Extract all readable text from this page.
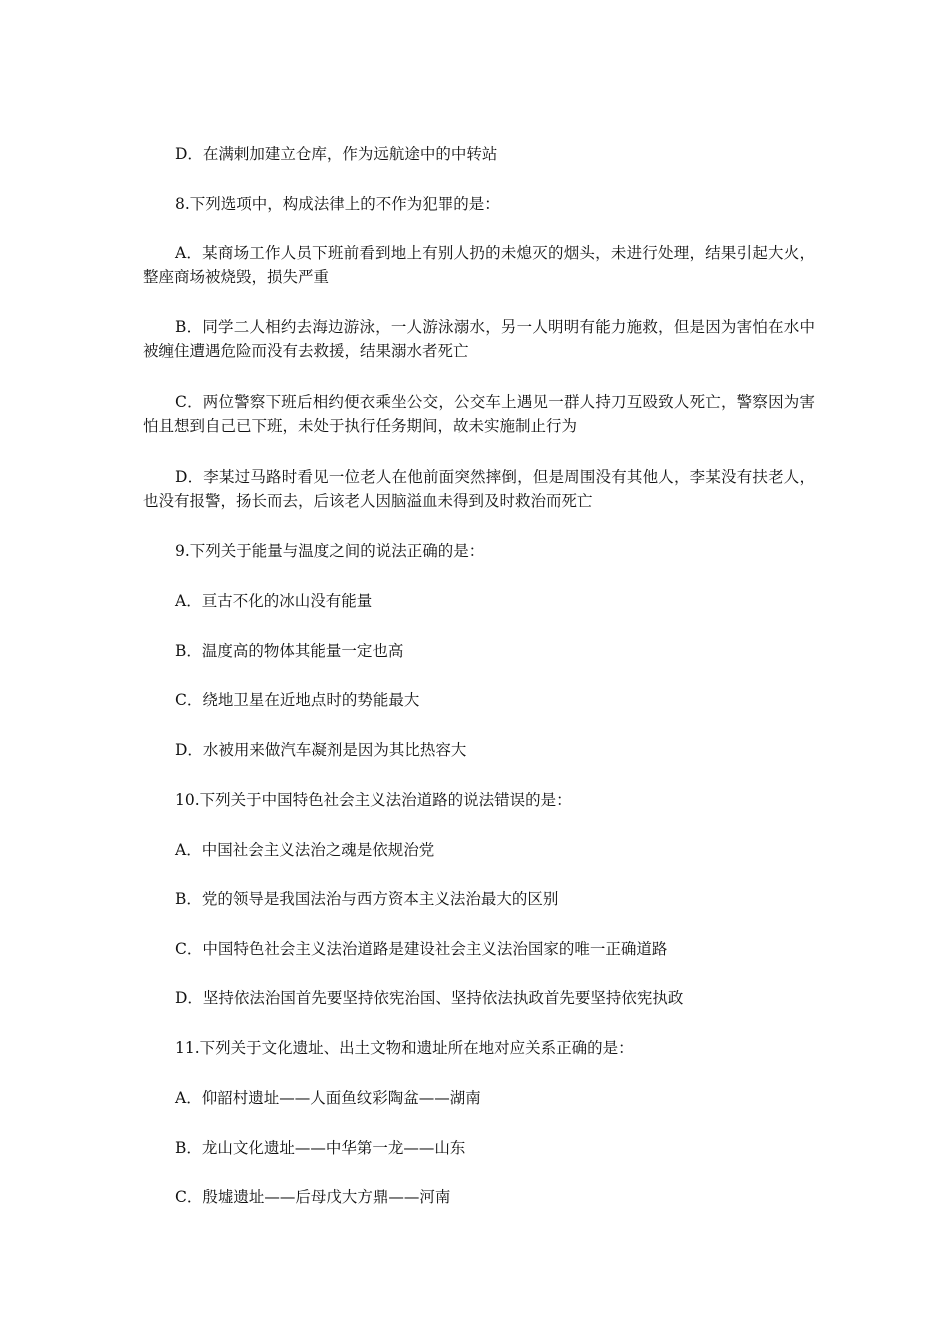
D．在满剌加建立仓库，作为远航途中的中转站

8.下列选项中，构成法律上的不作为犯罪的是：

A．某商场工作人员下班前看到地上有别人扔的未熄灭的烟头，未进行处理，结果引起大火，整座商场被烧毁，损失严重

B．同学二人相约去海边游泳，一人游泳溺水，另一人明明有能力施救，但是因为害怕在水中被缠住遭遇危险而没有去救援，结果溺水者死亡

C．两位警察下班后相约便衣乘坐公交，公交车上遇见一群人持刀互殴致人死亡，警察因为害怕且想到自己已下班，未处于执行任务期间，故未实施制止行为

D．李某过马路时看见一位老人在他前面突然摔倒，但是周围没有其他人，李某没有扶老人，也没有报警，扬长而去，后该老人因脑溢血未得到及时救治而死亡

9.下列关于能量与温度之间的说法正确的是：

A．亘古不化的冰山没有能量

B．温度高的物体其能量一定也高

C．绕地卫星在近地点时的势能最大

D．水被用来做汽车凝剂是因为其比热容大

10.下列关于中国特色社会主义法治道路的说法错误的是：

A．中国社会主义法治之魂是依规治党

B．党的领导是我国法治与西方资本主义法治最大的区别

C．中国特色社会主义法治道路是建设社会主义法治国家的唯一正确道路

D．坚持依法治国首先要坚持依宪治国、坚持依法执政首先要坚持依宪执政

11.下列关于文化遗址、出土文物和遗址所在地对应关系正确的是：

A．仰韶村遗址——人面鱼纹彩陶盆——湖南

B．龙山文化遗址——中华第一龙——山东

C．殷墟遗址——后母戊大方鼎——河南
